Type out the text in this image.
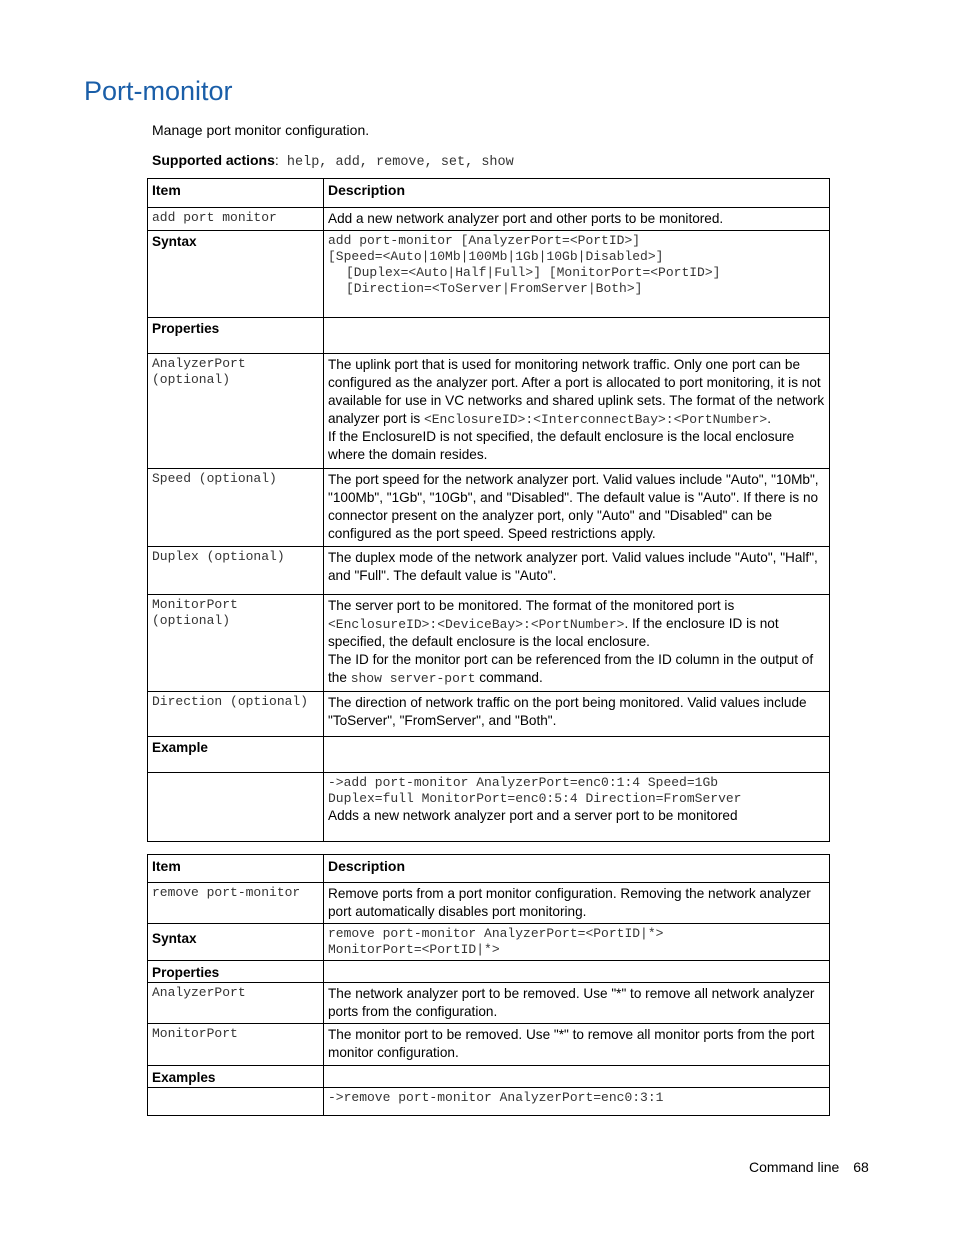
Port-monitor

Manage port monitor configuration.

Supported actions: help, add, remove, set, show

Item	Description

add port monitor	Add a new network analyzer port and other ports to be monitored.
Syntax	add port-monitor [AnalyzerPort=<PortID>]
[Speed=<Auto|10Mb|100Mb|1Gb|10Gb|Disabled>]
[Duplex=<Auto|Half|Full>] [MonitorPort=<PortID>]
[Direction=<ToServer|FromServer|Both>]

Properties	

AnalyzerPort
(optional)	The uplink port that is used for monitoring network traffic. Only one port can be configured as the analyzer port. After a port is allocated to port monitoring, it is not available for use in VC networks and shared uplink sets. The format of the network analyzer port is <EnclosureID>:<InterconnectBay>:<PortNumber>.
If the EnclosureID is not specified, the default enclosure is the local enclosure where the domain resides.

Speed (optional)	The port speed for the network analyzer port. Valid values include "Auto", "10Mb", "100Mb", "1Gb", "10Gb", and "Disabled". The default value is "Auto". If there is no connector present on the analyzer port, only "Auto" and "Disabled" can be configured as the port speed. Speed restrictions apply.

Duplex (optional)	The duplex mode of the network analyzer port. Valid values include "Auto", "Half", and "Full". The default value is "Auto".

MonitorPort
(optional)	The server port to be monitored. The format of the monitored port is
<EnclosureID>:<DeviceBay>:<PortNumber>. If the enclosure ID is not specified, the default enclosure is the local enclosure.
The ID for the monitor port can be referenced from the ID column in the output of the show server-port command.

Direction (optional)	The direction of network traffic on the port being monitored. Valid values include "ToServer", "FromServer", and "Both".
Example	

	->add port-monitor AnalyzerPort=enc0:1:4 Speed=1Gb
Duplex=full MonitorPort=enc0:5:4 Direction=FromServer
Adds a new network analyzer port and a server port to be monitored
Item	Description

remove port-monitor	Remove ports from a port monitor configuration. Removing the network analyzer port automatically disables port monitoring.
Syntax	remove port-monitor AnalyzerPort=<PortID|*>
MonitorPort=<PortID|*>

Properties	

AnalyzerPort	The network analyzer port to be removed. Use "*" to remove all network analyzer ports from the configuration.

MonitorPort	The monitor port to be removed. Use "*" to remove all monitor ports from the port monitor configuration.
Examples	

	->remove port-monitor AnalyzerPort=enc0:3:1
Command line 68
